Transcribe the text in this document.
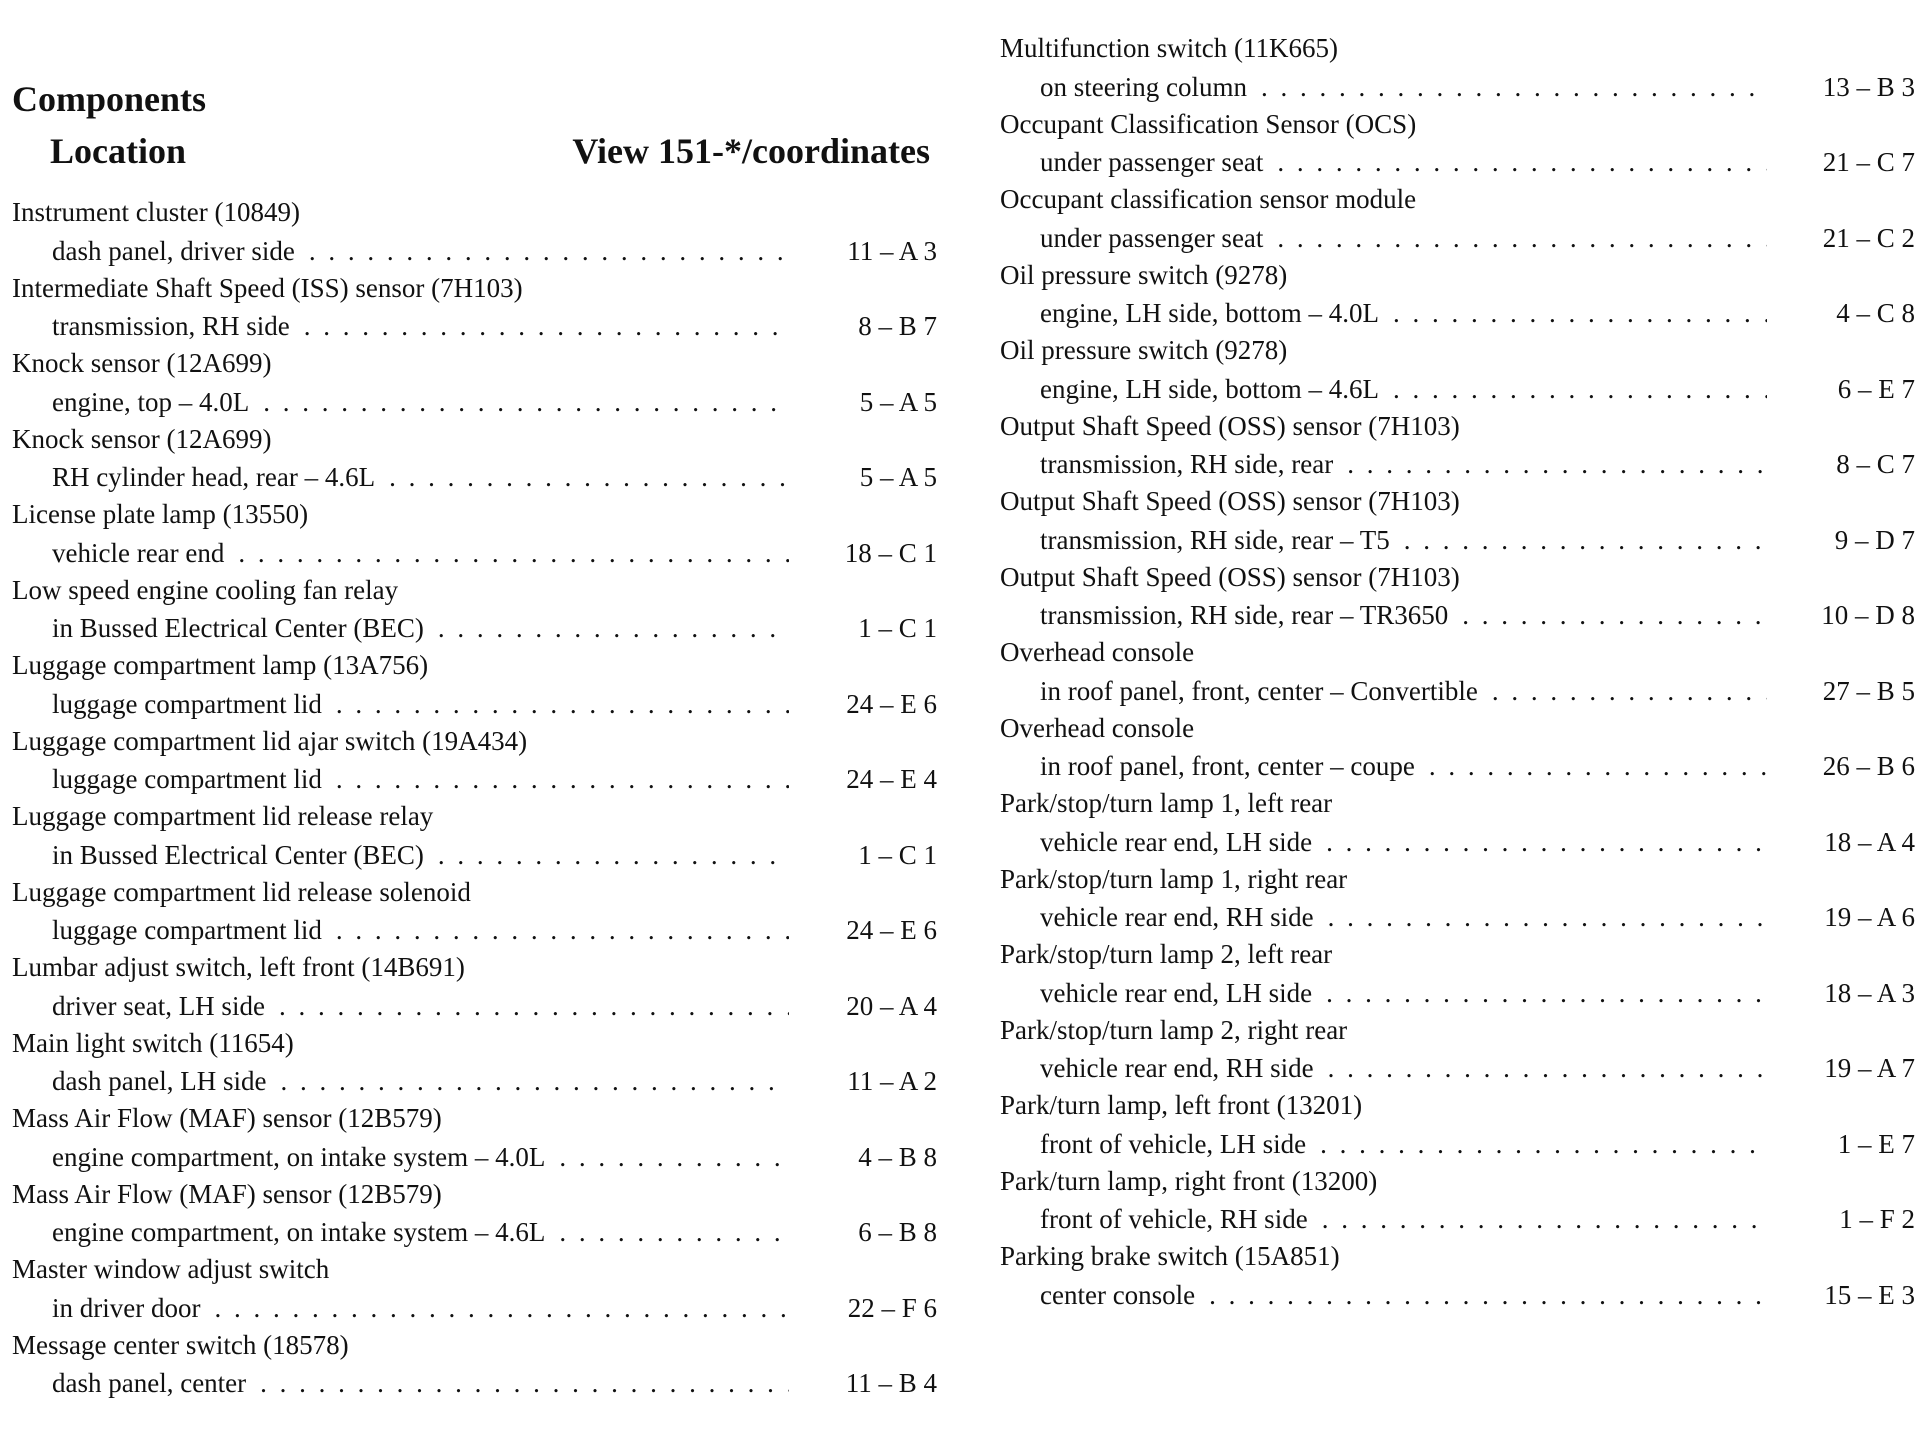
Components
Location	View 151-*/coordinates
Instrument cluster (10849)
dash panel, driver side . . .	11 – A 3
Intermediate Shaft Speed (ISS) sensor (7H103)
transmission, RH side . . .	8 – B 7
Knock sensor (12A699)
engine, top – 4.0L . . .	5 – A 5
Knock sensor (12A699)
RH cylinder head, rear – 4.6L . . .	5 – A 5
License plate lamp (13550)
vehicle rear end . . .	18 – C 1
Low speed engine cooling fan relay
in Bussed Electrical Center (BEC) . . .	1 – C 1
Luggage compartment lamp (13A756)
luggage compartment lid . . .	24 – E 6
Luggage compartment lid ajar switch (19A434)
luggage compartment lid . . .	24 – E 4
Luggage compartment lid release relay
in Bussed Electrical Center (BEC) . . .	1 – C 1
Luggage compartment lid release solenoid
luggage compartment lid . . .	24 – E 6
Lumbar adjust switch, left front (14B691)
driver seat, LH side . . .	20 – A 4
Main light switch (11654)
dash panel, LH side . . .	11 – A 2
Mass Air Flow (MAF) sensor (12B579)
engine compartment, on intake system – 4.0L . . .	4 – B 8
Mass Air Flow (MAF) sensor (12B579)
engine compartment, on intake system – 4.6L . . .	6 – B 8
Master window adjust switch
in driver door . . .	22 – F 6
Message center switch (18578)
dash panel, center . . .	11 – B 4
Multifunction switch (11K665)
on steering column . . .	13 – B 3
Occupant Classification Sensor (OCS)
under passenger seat . . .	21 – C 7
Occupant classification sensor module
under passenger seat . . .	21 – C 2
Oil pressure switch (9278)
engine, LH side, bottom – 4.0L . . .	4 – C 8
Oil pressure switch (9278)
engine, LH side, bottom – 4.6L . . .	6 – E 7
Output Shaft Speed (OSS) sensor (7H103)
transmission, RH side, rear . . .	8 – C 7
Output Shaft Speed (OSS) sensor (7H103)
transmission, RH side, rear – T5 . . .	9 – D 7
Output Shaft Speed (OSS) sensor (7H103)
transmission, RH side, rear – TR3650 . . .	10 – D 8
Overhead console
in roof panel, front, center – Convertible . . .	27 – B 5
Overhead console
in roof panel, front, center – coupe . . .	26 – B 6
Park/stop/turn lamp 1, left rear
vehicle rear end, LH side . . .	18 – A 4
Park/stop/turn lamp 1, right rear
vehicle rear end, RH side . . .	19 – A 6
Park/stop/turn lamp 2, left rear
vehicle rear end, LH side . . .	18 – A 3
Park/stop/turn lamp 2, right rear
vehicle rear end, RH side . . .	19 – A 7
Park/turn lamp, left front (13201)
front of vehicle, LH side . . .	1 – E 7
Park/turn lamp, right front (13200)
front of vehicle, RH side . . .	1 – F 2
Parking brake switch (15A851)
center console . . .	15 – E 3
